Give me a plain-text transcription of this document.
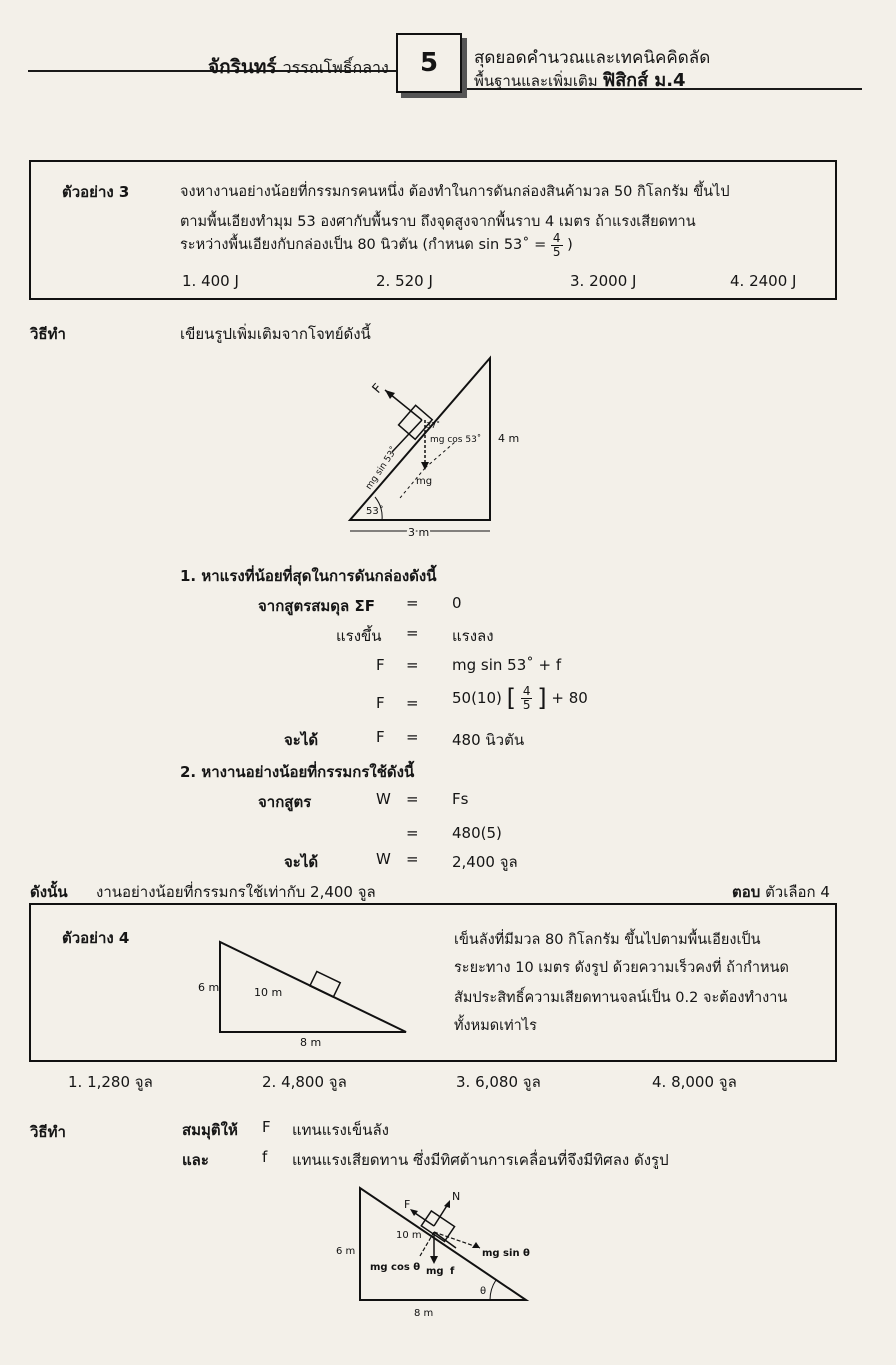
จักรินทร์ วรรณโพธิ์กลาง	5	สุดยอดคำนวณและเทคนิคคิดลัด
พื้นฐานและเพิ่มเติม ฟิสิกส์ ม.4
ตัวอย่าง 3	จงหางานอย่างน้อยที่กรรมกรคนหนึ่ง ต้องทำในการดันกล่องสินค้ามวล 50 กิโลกรัม ขึ้นไป
ตามพื้นเอียงทำมุม 53 องศากับพื้นราบ ถึงจุดสูงจากพื้นราบ 4 เมตร ถ้าแรงเสียดทาน
ระหว่างพื้นเอียงกับกล่องเป็น 80 นิวตัน (กำหนด sin 53˚ = $\frac{4}{5}$ )
1. 400 J	2. 520 J	3. 2000 J	4. 2400 J
วิธีทำ	เขียนรูปเพิ่มเติมจากโจทย์ดังนี้
F
37˚
mg cos 53˚
mg sin 53˚ mg
53˚
4 m
3 m
1. หาแรงที่น้อยที่สุดในการดันกล่องดังนี้
จากสูตรสมดุล ΣF = 0
แรงขึ้น = แรงลง
F = mg sin 53˚ + f
F = 50(10) [ $\frac{4}{5}$ ] + 80
จะได้	F = 480 นิวตัน
2. หางานอย่างน้อยที่กรรมกรใช้ดังนี้
จากสูตร	W = Fs
= 480(5)
จะได้	W = 2,400 จูล
ดังนั้น งานอย่างน้อยที่กรรมกรใช้เท่ากับ 2,400 จูล	ตอบ ตัวเลือก 4
ตัวอย่าง 4	เข็นลังที่มีมวล 80 กิโลกรัม ขึ้นไปตามพื้นเอียงเป็น
ระยะทาง 10 เมตร ดังรูป ด้วยความเร็วคงที่ ถ้ากำหนด
สัมประสิทธิ์ความเสียดทานจลน์เป็น 0.2 จะต้องทำงาน
ทั้งหมดเท่าไร
6 m	10 m
8 m
1. 1,280 จูล	2. 4,800 จูล	3. 6,080 จูล	4. 8,000 จูล
วิธีทำ	สมมุติให้ F แทนแรงเข็นลัง
และ	f แทนแรงเสียดทาน ซึ่งมีทิศต้านการเคลื่อนที่จึงมีทิศลง ดังรูป
F
N
10 m
6 m
mg cos θ
mg sin θ
mg f
θ
8 m
